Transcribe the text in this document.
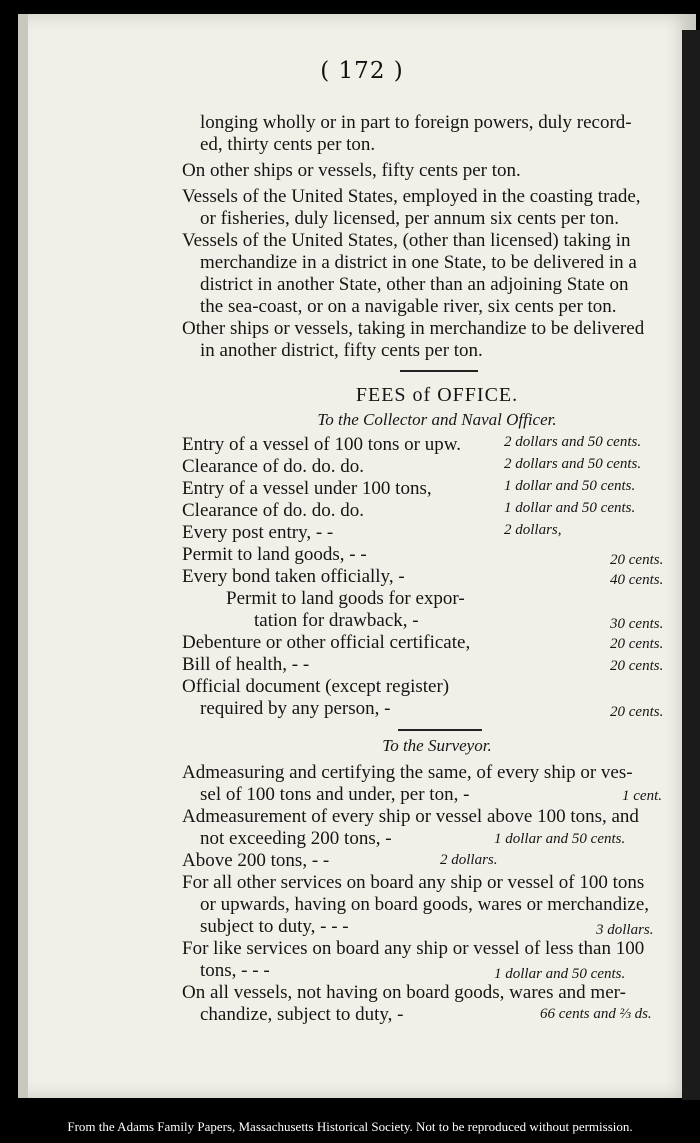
( 172 )
longing wholly or in part to foreign powers, duly record-
ed, thirty cents per ton.
On other ships or vessels, fifty cents per ton.
Vessels of the United States, employed in the coasting trade,
or fisheries, duly licensed, per annum six cents per ton.
Vessels of the United States, (other than licensed) taking in
merchandize in a district in one State, to be delivered in a
district in another State, other than an adjoining State on
the sea-coast, or on a navigable river, six cents per ton.
Other ships or vessels, taking in merchandize to be delivered
in another district, fifty cents per ton.
FEES of OFFICE.
To the Collector and Naval Officer.
Entry of a vessel of 100 tons or upw.	2 dollars and 50 cents.
Clearance of do. do. do.	2 dollars and 50 cents.
Entry of a vessel under 100 tons,	1 dollar and 50 cents.
Clearance of do. do. do.	1 dollar and 50 cents.
Every post entry, - -	2 dollars,
Permit to land goods, - -	20 cents.
Every bond taken officially, -	40 cents.
Permit to land goods for expor-
tation for drawback, -	30 cents.
Debenture or other official certificate,	20 cents.
Bill of health, - -	20 cents.
Official document (except register)
required by any person, -	20 cents.
To the Surveyor.
Admeasuring and certifying the same, of every ship or ves-
sel of 100 tons and under, per ton, -	1 cent.
Admeasurement of every ship or vessel above 100 tons, and
not exceeding 200 tons, -	1 dollar and 50 cents.
Above 200 tons, - -	2 dollars.
For all other services on board any ship or vessel of 100 tons
or upwards, having on board goods, wares or merchandize,
subject to duty, - - -	3 dollars.
For like services on board any ship or vessel of less than 100
tons, - - -	1 dollar and 50 cents.
On all vessels, not having on board goods, wares and mer-
chandize, subject to duty, -	66 cents and ⅔ ds.
From the Adams Family Papers, Massachusetts Historical Society. Not to be reproduced without permission.
